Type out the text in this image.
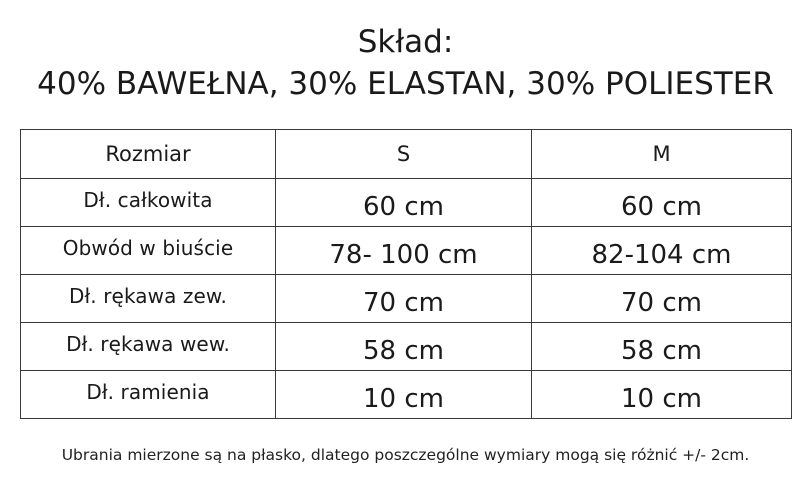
Skład:
40% BAWEŁNA, 30% ELASTAN, 30% POLIESTER
Rozmiar	S	M
Dł. całkowita	60 cm	60 cm
Obwód w biuście	78- 100 cm	82-104 cm
Dł. rękawa zew.	70 cm	70 cm
Dł. rękawa wew.	58 cm	58 cm
Dł. ramienia	10 cm	10 cm
Ubrania mierzone są na płasko, dlatego poszczególne wymiary mogą się różnić +/- 2cm.
